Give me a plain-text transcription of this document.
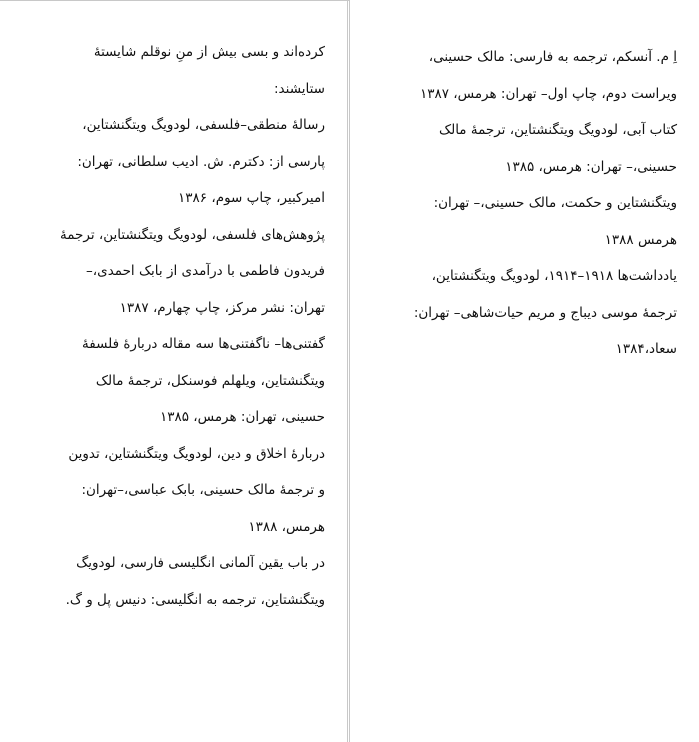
کرده‌اند و بسی بیش از منِ نوقلم شایستهٔ
ستایشند:
رسالهٔ منطقی–فلسفی، لودویگ ویتگنشتاین،
پارسی از: دکترم. ش. ادیب سلطانی، تهران:
امیرکبیر، چاپ سوم، ۱۳۸۶
پژوهش‌های فلسفی، لودویگ ویتگنشتاین، ترجمهٔ
فریدون فاطمی با درآمدی از بابک احمدی،–
تهران: نشر مرکز، چاپ چهارم، ۱۳۸۷
گفتنی‌ها– ناگفتنی‌ها سه مقاله دربارهٔ فلسفهٔ
ویتگنشتاین، ویلهلم فوسنکل، ترجمهٔ مالک
حسینی، تهران: هرمس، ۱۳۸۵
دربارهٔ اخلاق و دین، لودویگ ویتگنشتاین، تدوین
و ترجمهٔ مالک حسینی، بابک عباسی،–تهران:
هرمس، ۱۳۸۸
در باب یقین آلمانی انگلیسی فارسی، لودویگ
ویتگنشتاین، ترجمه به انگلیسی: دنیس پل و گ.
اِ م. آنسکم، ترجمه به فارسی: مالک حسینی،
ویراست دوم، چاپ اول– تهران: هرمس، ۱۳۸۷
کتاب آبی، لودویگ ویتگنشتاین، ترجمهٔ مالک
حسینی،– تهران: هرمس، ۱۳۸۵
ویتگنشتاین و حکمت، مالک حسینی،– تهران:
هرمس ۱۳۸۸
یادداشت‌ها ۱۹۱۸–۱۹۱۴، لودویگ ویتگنشتاین،
ترجمهٔ موسی دیباج و مریم حیات‌شاهی– تهران:
سعاد،۱۳۸۴
